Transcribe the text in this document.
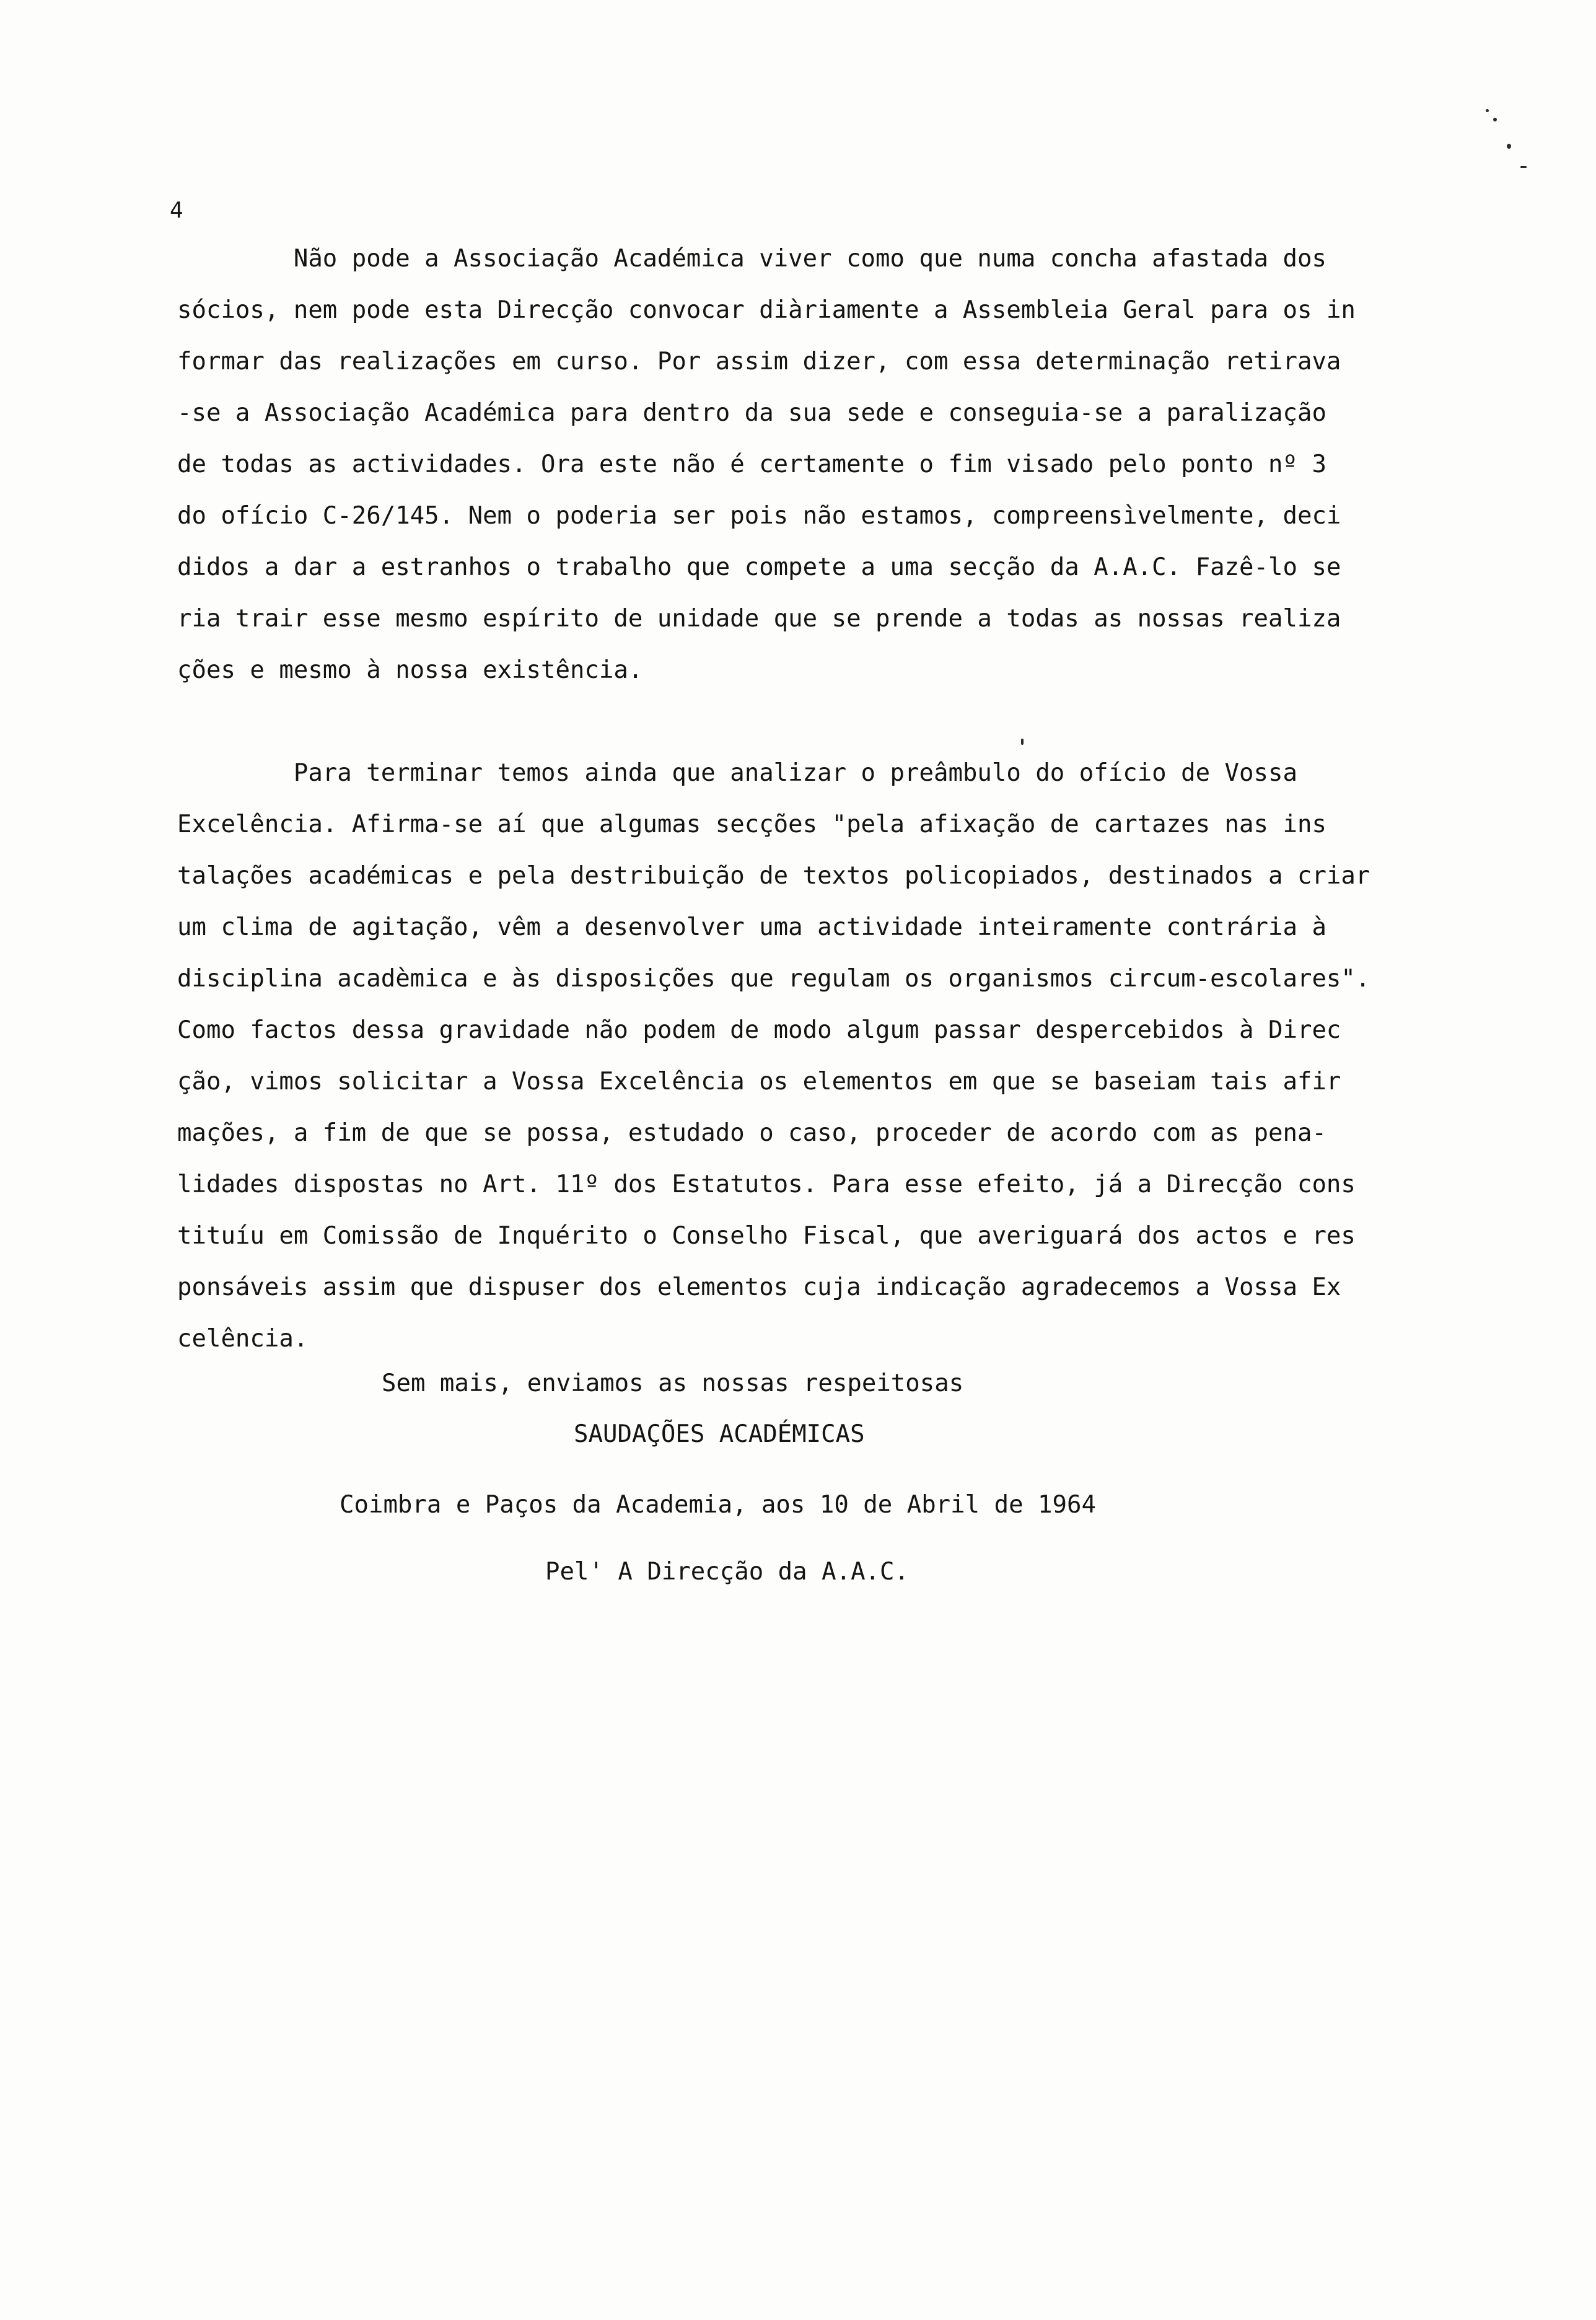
4
Não pode a Associação Académica viver como que numa concha afastada dos
sócios, nem pode esta Direcção convocar diàriamente a Assembleia Geral para os in
formar das realizações em curso. Por assim dizer, com essa determinação retirava
-se a Associação Académica para dentro da sua sede e conseguia-se a paralização
de todas as actividades. Ora este não é certamente o fim visado pelo ponto nº 3
do ofício C-26/145. Nem o poderia ser pois não estamos, compreensìvelmente, deci
didos a dar a estranhos o trabalho que compete a uma secção da A.A.C. Fazê-lo se
ria trair esse mesmo espírito de unidade que se prende a todas as nossas realiza
ções e mesmo à nossa existência.
Para terminar temos ainda que analizar o preâmbulo do ofício de Vossa
Excelência. Afirma-se aí que algumas secções "pela afixação de cartazes nas ins
talações académicas e pela destribuição de textos policopiados, destinados a criar
um clima de agitação, vêm a desenvolver uma actividade inteiramente contrária à
disciplina acadèmica e às disposições que regulam os organismos circum-escolares".
Como factos dessa gravidade não podem de modo algum passar despercebidos à Direc
ção, vimos solicitar a Vossa Excelência os elementos em que se baseiam tais afir
mações, a fim de que se possa, estudado o caso, proceder de acordo com as pena-
lidades dispostas no Art. 11º dos Estatutos. Para esse efeito, já a Direcção cons
tituíu em Comissão de Inquérito o Conselho Fiscal, que averiguará dos actos e res
ponsáveis assim que dispuser dos elementos cuja indicação agradecemos a Vossa Ex
celência.
Sem mais, enviamos as nossas respeitosas
SAUDAÇÕES ACADÉMICAS
Coimbra e Paços da Academia, aos 10 de Abril de 1964
Pel' A Direcção da A.A.C.
